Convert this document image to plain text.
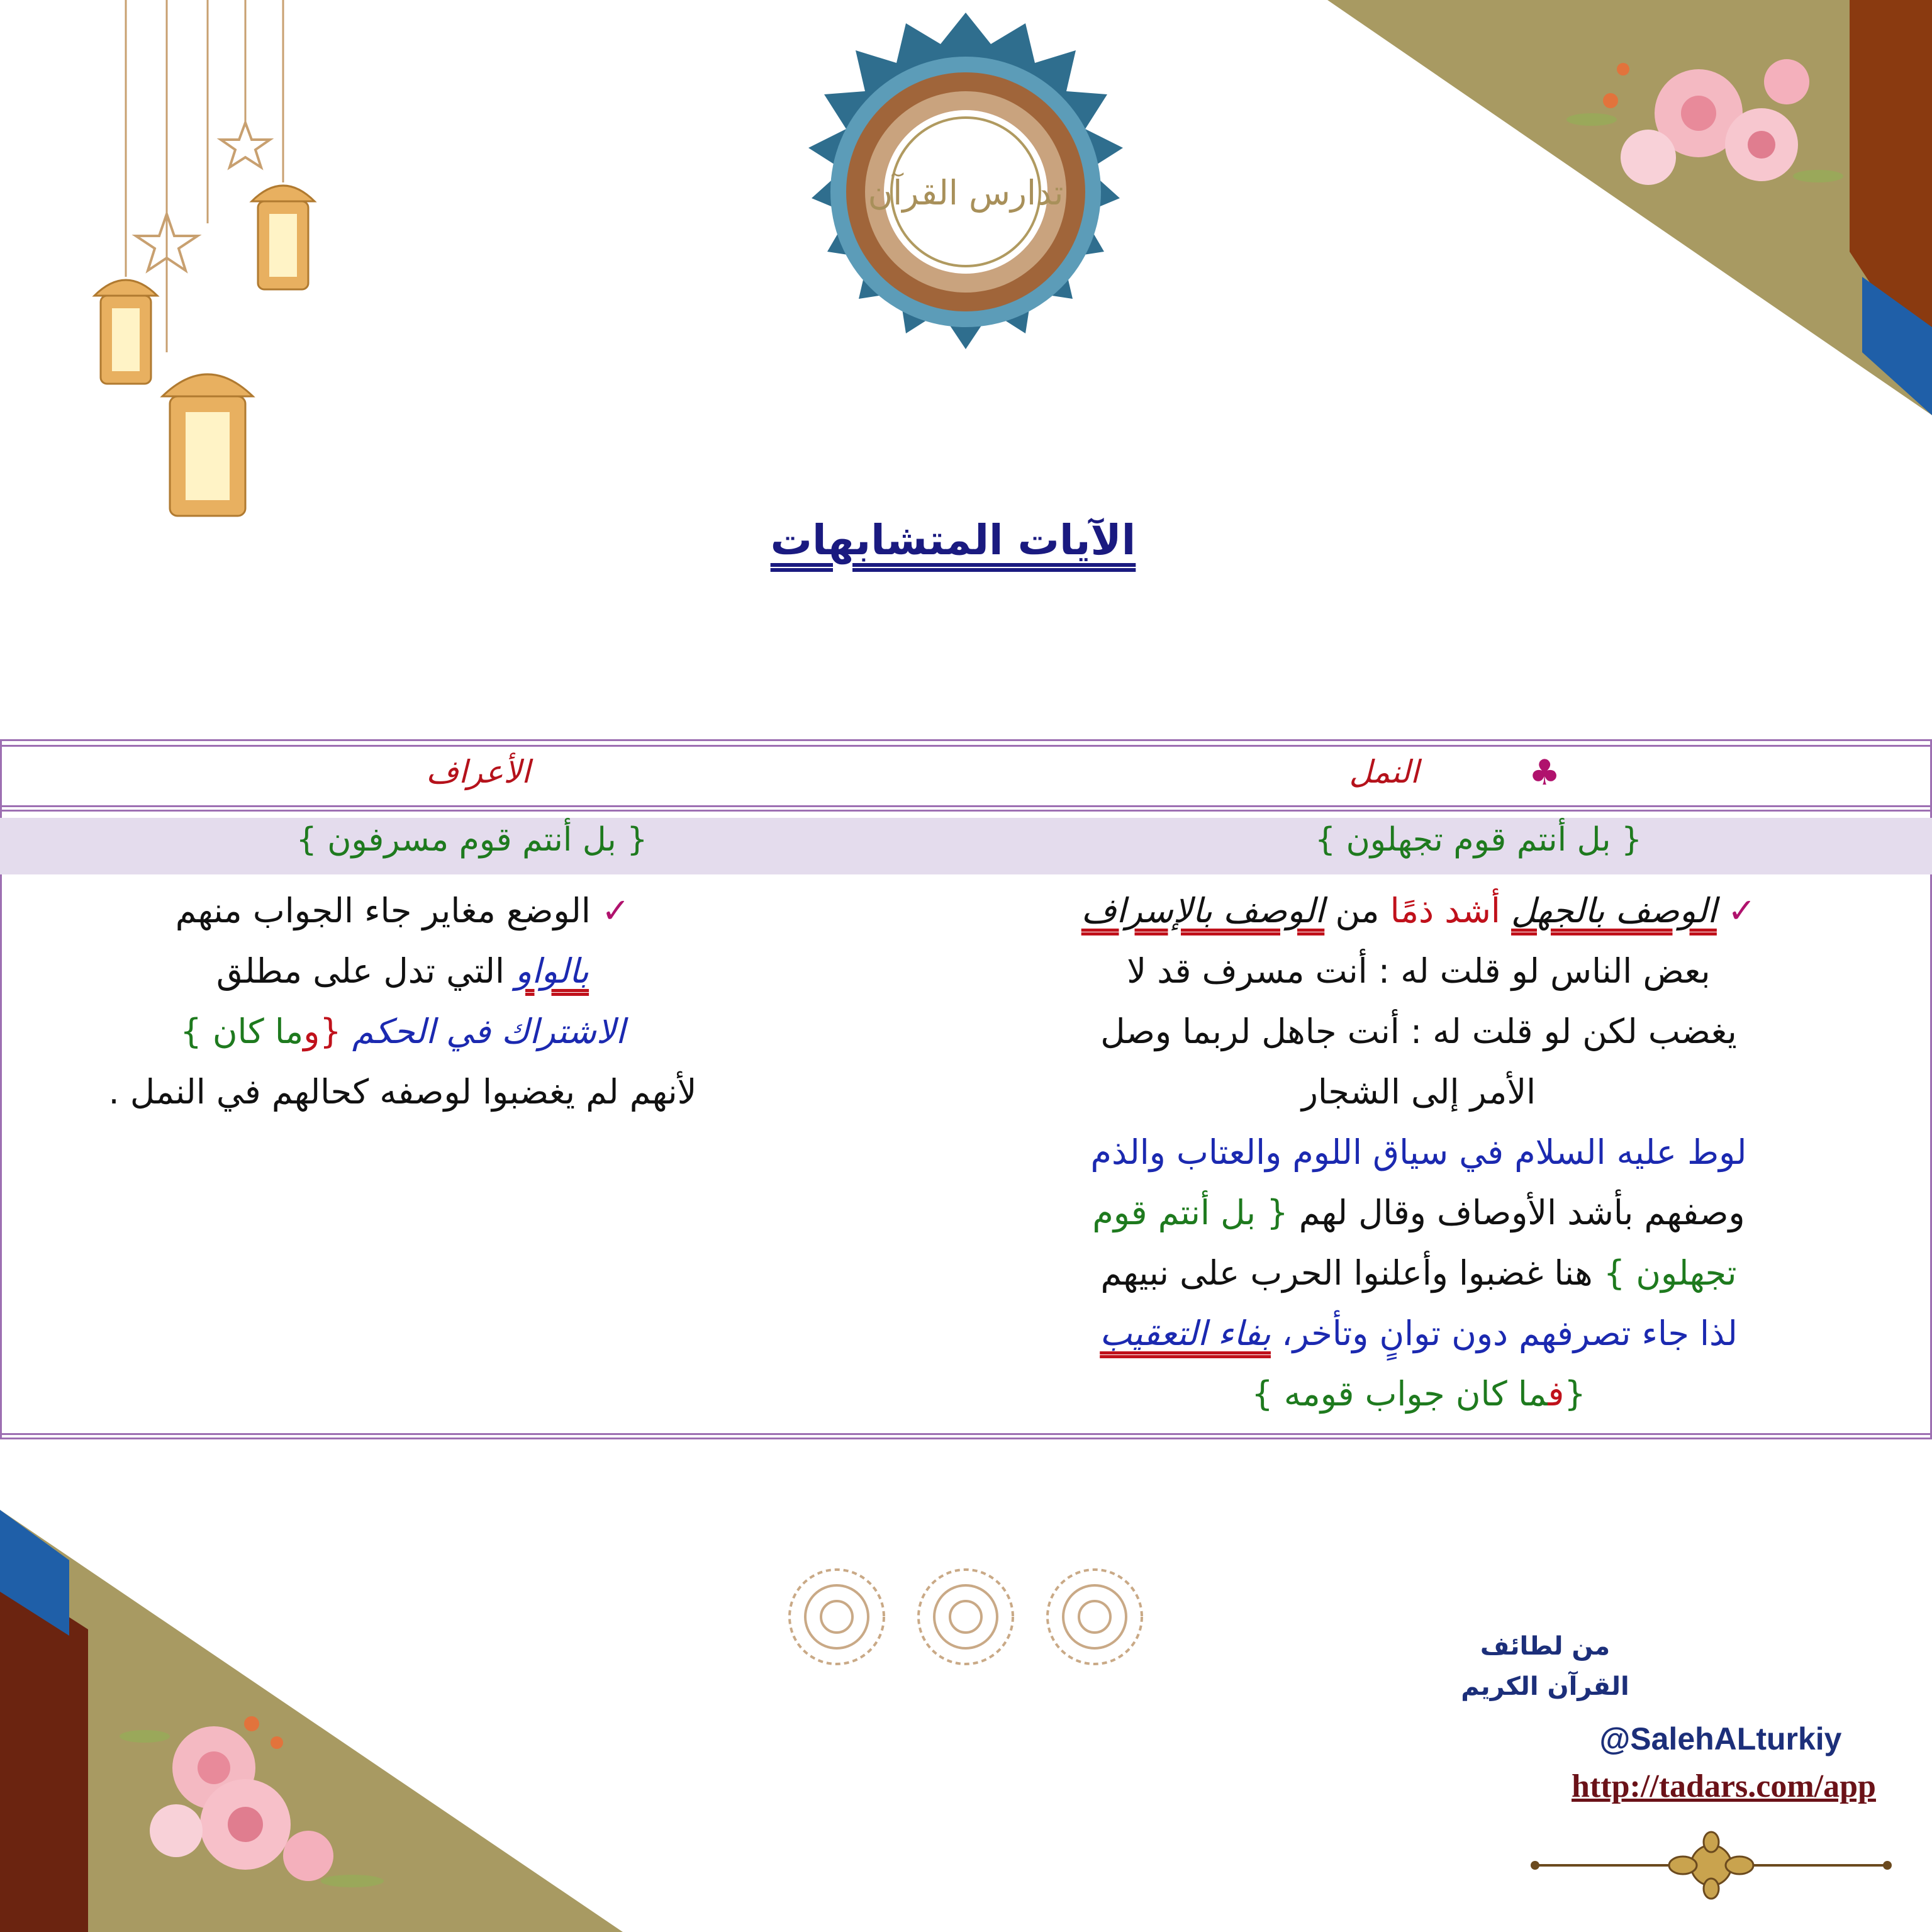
تدارس القرآن
الآيات المتشابهات
النمل	♣
الأعراف
{ بل أنتم قوم تجهلون }
{ بل أنتم قوم مسرفون }
✓ الوصف بالجهل أشد ذمًا من الوصف بالإسراف
بعض الناس لو قلت له : أنت مسرف قد لا
يغضب لكن لو قلت له : أنت جاهل لربما وصل
الأمر إلى الشجار
لوط عليه السلام في سياق اللوم والعتاب والذم
وصفهم بأشد الأوصاف وقال لهم { بل أنتم قوم
تجهلون } هنا غضبوا وأعلنوا الحرب على نبيهم
لذا جاء تصرفهم دون توانٍ وتأخر، بفاء التعقيب
{فما كان جواب قومه }
✓ الوضع مغاير جاء الجواب منهم
بالواو التي تدل على مطلق
الاشتراك في الحكم {وما كان }
لأنهم لم يغضبوا لوصفه كحالهم في النمل .
من لطائف
القرآن الكريم
@SalehALturkiy
http://tadars.com/app
